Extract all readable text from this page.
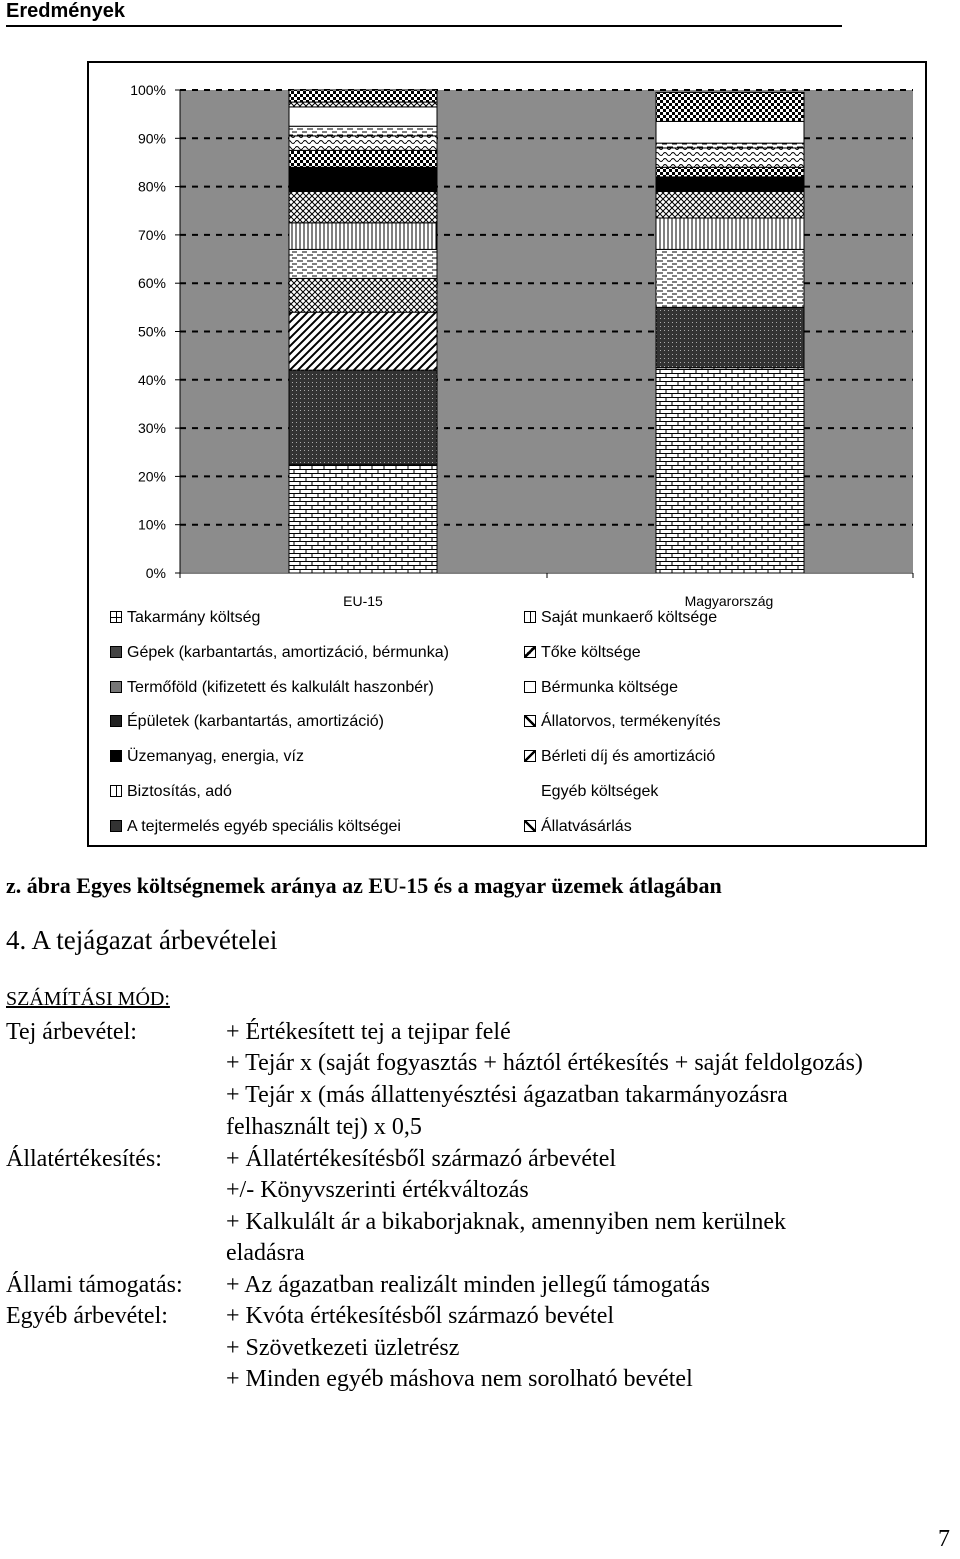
Eredmények
0%
10%
20%
30%
40%
50%
60%
70%
80%
90%
100%
EU-15	Magyarország
Takarmány költség
Gépek (karbantartás, amortizáció, bérmunka)
Termőföld (kifizetett és kalkulált haszonbér)
Épületek (karbantartás, amortizáció)
Üzemanyag, energia, víz
Biztosítás, adó
A tejtermelés egyéb speciális költségei
Saját munkaerő költsége
Tőke költsége
Bérmunka költsége
Állatorvos, termékenyítés
Bérleti díj és amortizáció
Egyéb költségek
Állatvásárlás
z. ábra Egyes költségnemek aránya az EU-15 és a magyar üzemek átlagában
4. A tejágazat árbevételei
SZÁMÍTÁSI MÓD:
Tej árbevétel:	+ Értékesített tej a tejipar felé
+ Tejár x (saját fogyasztás + háztól értékesítés + saját feldolgozás)
+ Tejár x (más állattenyésztési ágazatban takarmányozásra
felhasznált tej) x 0,5
Állatértékesítés:	+ Állatértékesítésből származó árbevétel
+/- Könyvszerinti értékváltozás
+ Kalkulált ár a bikaborjaknak, amennyiben nem kerülnek
eladásra
Állami támogatás: + Az ágazatban realizált minden jellegű támogatás
Egyéb árbevétel: + Kvóta értékesítésből származó bevétel
+ Szövetkezeti üzletrész
+ Minden egyéb máshova nem sorolható bevétel
7
